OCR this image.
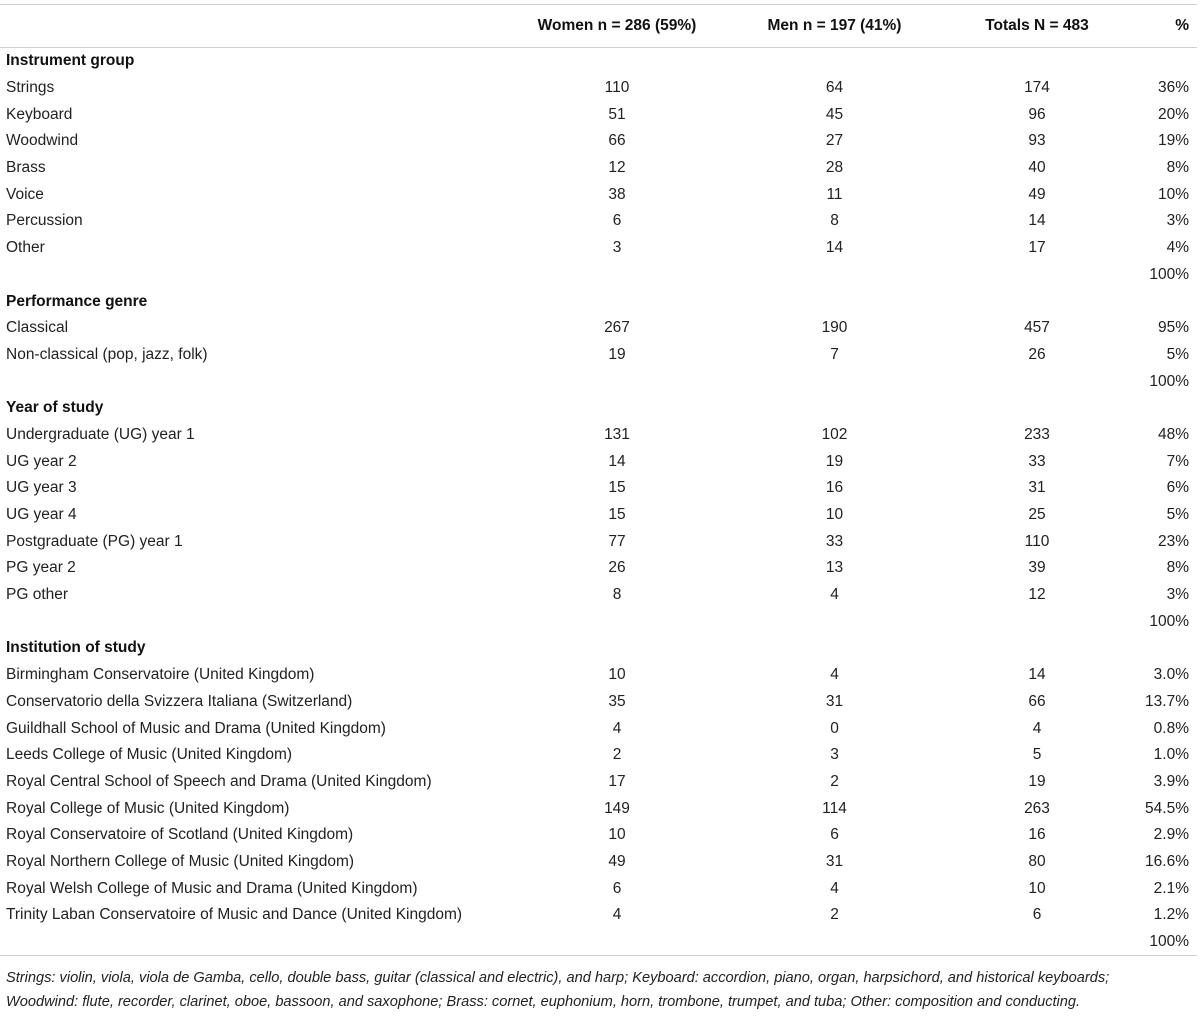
	Women n = 286 (59%)	Men n = 197 (41%)	Totals N = 483	%
Instrument group				
Strings	110	64	174	36%
Keyboard	51	45	96	20%
Woodwind	66	27	93	19%
Brass	12	28	40	8%
Voice	38	11	49	10%
Percussion	6	8	14	3%
Other	3	14	17	4%
				100%
Performance genre				
Classical	267	190	457	95%
Non-classical (pop, jazz, folk)	19	7	26	5%
				100%
Year of study				
Undergraduate (UG) year 1	131	102	233	48%
UG year 2	14	19	33	7%
UG year 3	15	16	31	6%
UG year 4	15	10	25	5%
Postgraduate (PG) year 1	77	33	110	23%
PG year 2	26	13	39	8%
PG other	8	4	12	3%
				100%
Institution of study				
Birmingham Conservatoire (United Kingdom)	10	4	14	3.0%
Conservatorio della Svizzera Italiana (Switzerland)	35	31	66	13.7%
Guildhall School of Music and Drama (United Kingdom)	4	0	4	0.8%
Leeds College of Music (United Kingdom)	2	3	5	1.0%
Royal Central School of Speech and Drama (United Kingdom)	17	2	19	3.9%
Royal College of Music (United Kingdom)	149	114	263	54.5%
Royal Conservatoire of Scotland (United Kingdom)	10	6	16	2.9%
Royal Northern College of Music (United Kingdom)	49	31	80	16.6%
Royal Welsh College of Music and Drama (United Kingdom)	6	4	10	2.1%
Trinity Laban Conservatoire of Music and Dance (United Kingdom)	4	2	6	1.2%
				100%
Strings: violin, viola, viola de Gamba, cello, double bass, guitar (classical and electric), and harp; Keyboard: accordion, piano, organ, harpsichord, and historical keyboards;
Woodwind: flute, recorder, clarinet, oboe, bassoon, and saxophone; Brass: cornet, euphonium, horn, trombone, trumpet, and tuba; Other: composition and conducting.
